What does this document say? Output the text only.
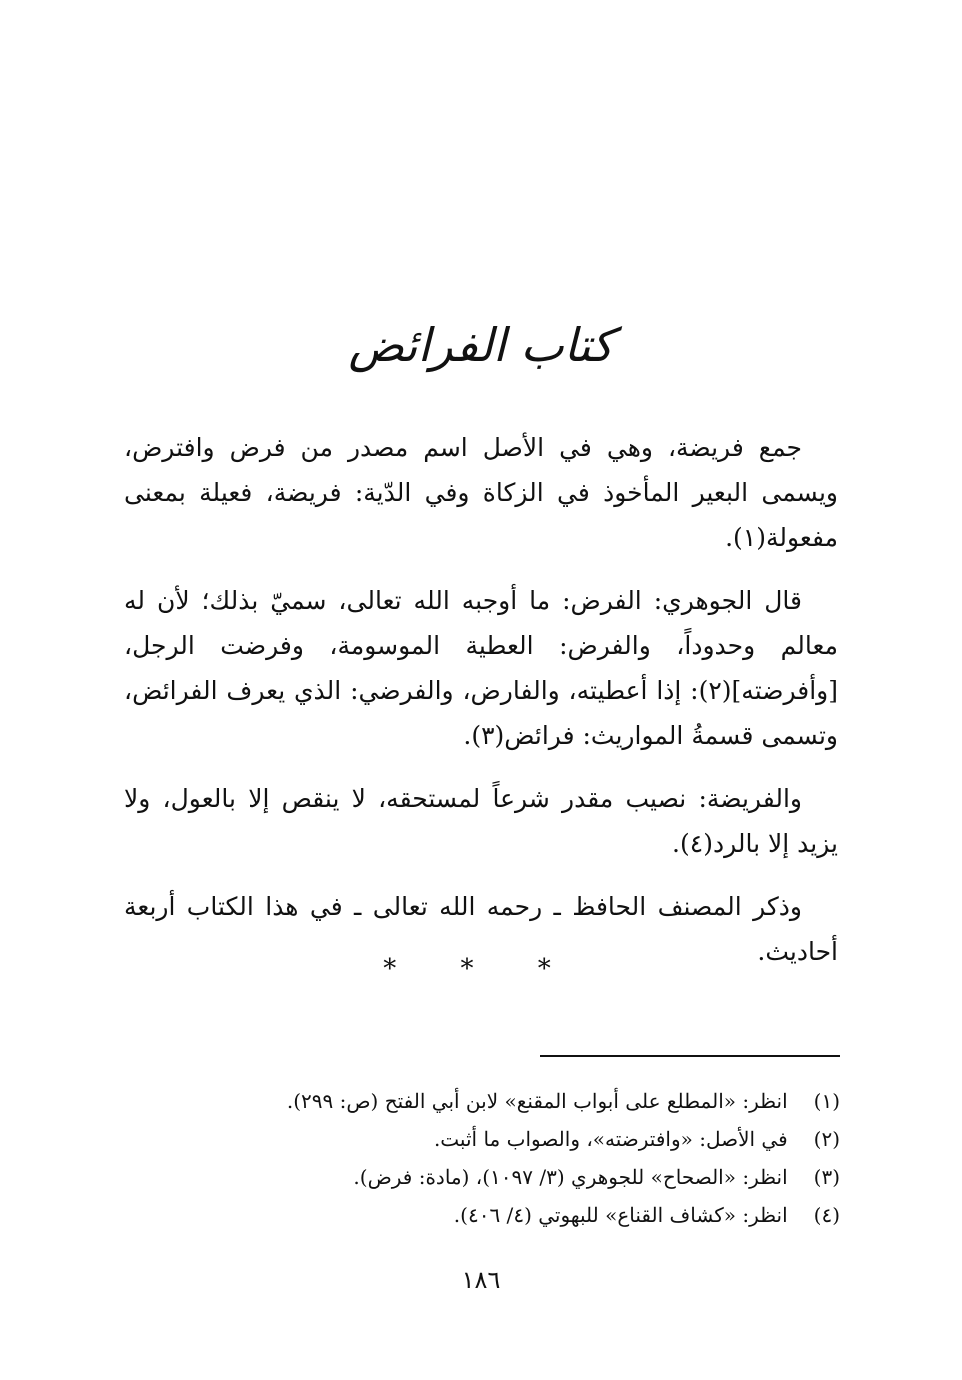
كتاب الفرائض

جمع فريضة، وهي في الأصل اسم مصدر من فرض وافترض، ويسمى البعير المأخوذ في الزكاة وفي الدّية: فريضة، فعيلة بمعنى مفعولة(١).

قال الجوهري: الفرض: ما أوجبه الله تعالى، سميّ بذلك؛ لأن له معالم وحدوداً، والفرض: العطية الموسومة، وفرضت الرجل، [وأفرضته](٢): إذا أعطيته، والفارض، والفرضي: الذي يعرف الفرائض، وتسمى قسمةُ المواريث: فرائض(٣).

والفريضة: نصيب مقدر شرعاً لمستحقه، لا ينقص إلا بالعول، ولا يزيد إلا بالرد(٤).

وذكر المصنف الحافظ ـ رحمه الله تعالى ـ في هذا الكتاب أربعة أحاديث.

* * *
(١) انظر: «المطلع على أبواب المقنع» لابن أبي الفتح (ص: ٢٩٩).
(٢) في الأصل: «وافترضته»، والصواب ما أثبت.
(٣) انظر: «الصحاح» للجوهري (٣/ ١٠٩٧)، (مادة: فرض).
(٤) انظر: «كشاف القناع» للبهوتي (٤/ ٤٠٦).
١٨٦
